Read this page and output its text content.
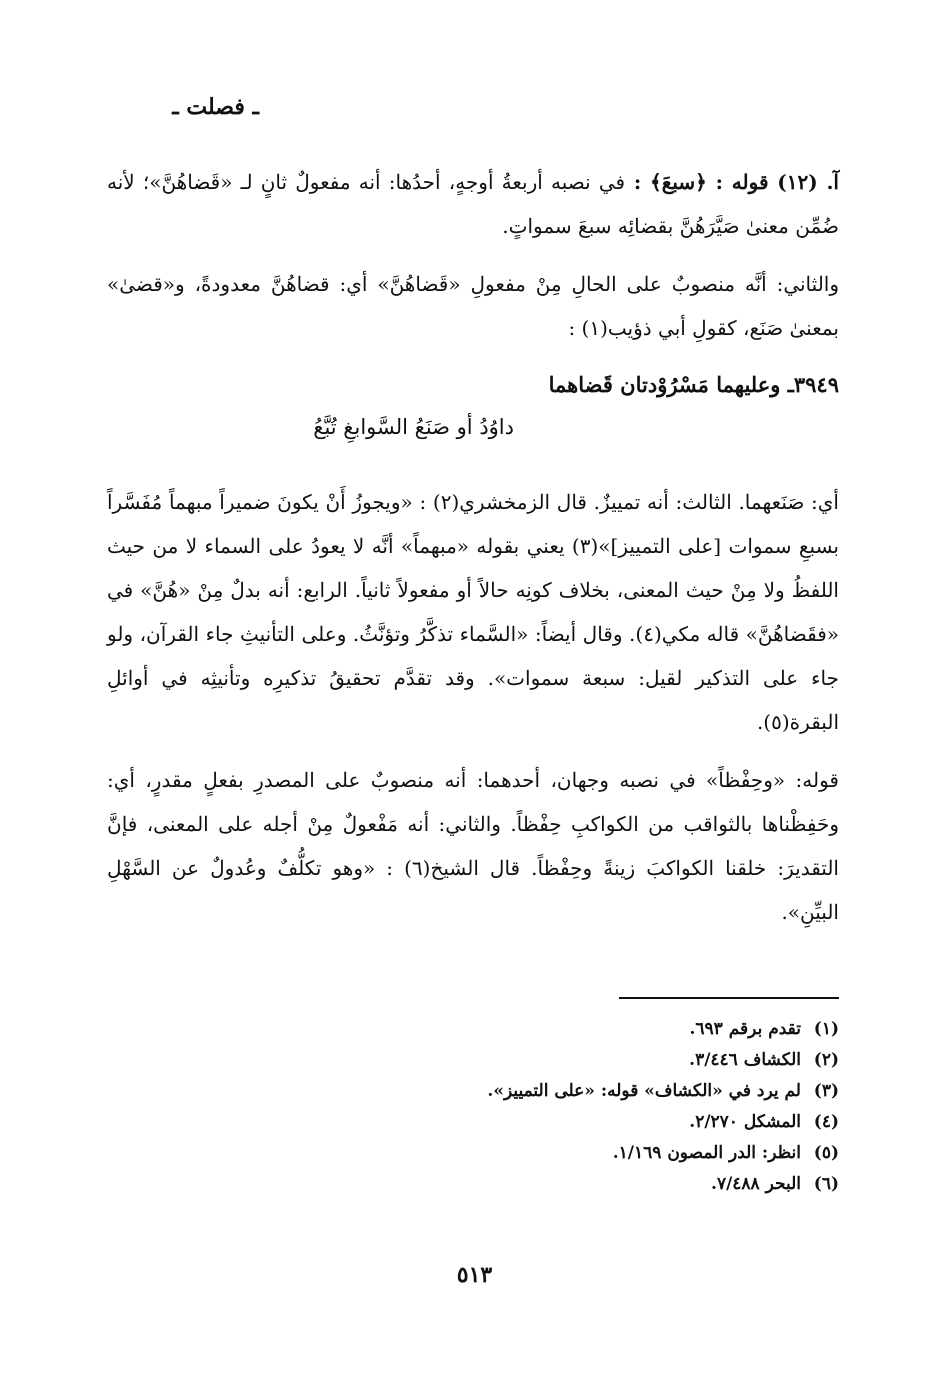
ـ فصلت ـ

آ. (١٢) قوله : ﴿سبعَ﴾ : في نصبه أربعةُ أوجهٍ، أحدُها: أنه مفعولٌ ثانٍ لـ «قَضاهُنَّ»؛ لأنه ضُمِّن معنىٰ صَيَّرَهُنَّ بقضائِه سبعَ سمواتٍ.

والثاني: أنَّه منصوبٌ على الحالِ مِنْ مفعولِ «قَضاهُنَّ» أي: قضاهُنَّ معدودةً، و«قضىٰ» بمعنىٰ صَنَع، كقولِ أبي ذؤيب(١) :

٣٩٤٩ـ وعليهما مَسْرُوْدتان قَضاهما
داوُدُ أو صَنَعُ السَّوابغِ تُبَّعُ

أي: صَنَعهما. الثالث: أنه تمييزٌ. قال الزمخشري(٢) : «ويجوزُ أَنْ يكونَ ضميراً مبهماً مُفَسَّراً بسبعِ سموات [على التمييز]»(٣) يعني بقوله «مبهماً» أنَّه لا يعودُ على السماء لا من حيث اللفظُ ولا مِنْ حيث المعنى، بخلاف كونِه حالاً أو مفعولاً ثانياً. الرابع: أنه بدلٌ مِنْ «هُنَّ» في «فقَضاهُنَّ» قاله مكي(٤). وقال أيضاً: «السَّماء تذكَّرُ وتؤنَّثُ. وعلى التأنيثِ جاء القرآن، ولو جاء على التذكير لقيل: سبعة سموات». وقد تقدَّم تحقيقُ تذكيرِه وتأنيثِه في أوائلِ البقرة(٥).

قوله: «وحِفْظاً» في نصبه وجهان، أحدهما: أنه منصوبٌ على المصدرِ بفعلٍ مقدرٍ، أي: وحَفِظْناها بالثواقب من الكواكبِ حِفْظاً. والثاني: أنه مَفْعولٌ مِنْ أجله على المعنى، فإنَّ التقديرَ: خلقنا الكواكبَ زينةً وحِفْظاً. قال الشيخ(٦) : «وهو تكلُّفٌ وعُدولٌ عن السَّهْلِ البيِّنِ».

(١)تقدم برقم ٦٩٣.
(٢)الكشاف ٣/٤٤٦.
(٣)لم يرد في «الكشاف» قوله: «على التمييز».
(٤)المشكل ٢/٢٧٠.
(٥)انظر: الدر المصون ١/١٦٩.
(٦)البحر ٧/٤٨٨.
٥١٣
